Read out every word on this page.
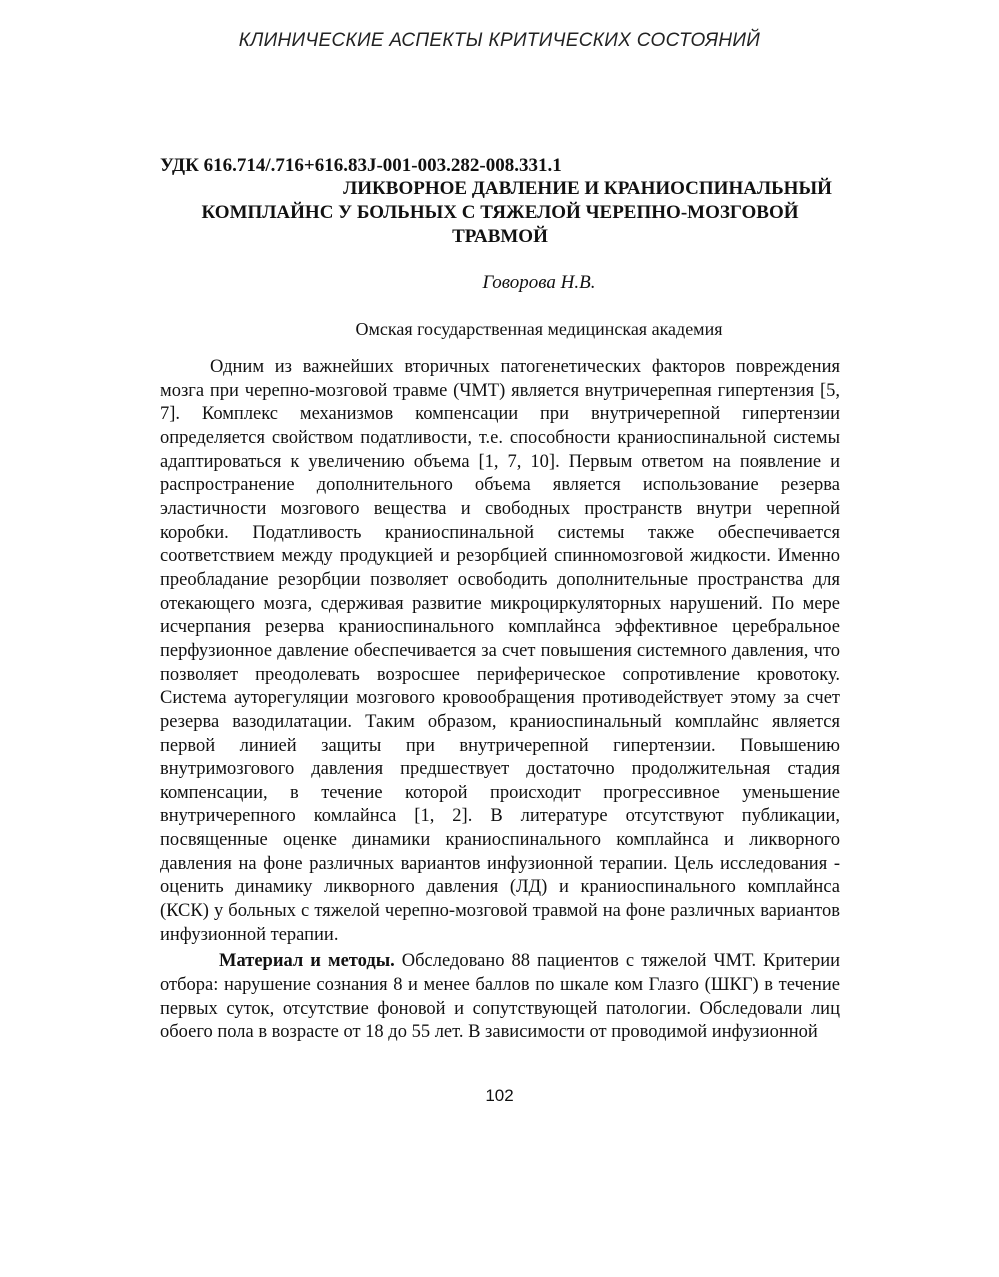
КЛИНИЧЕСКИЕ АСПЕКТЫ КРИТИЧЕСКИХ СОСТОЯНИЙ
УДК 616.714/.716+616.83J-001-003.282-008.331.1
ЛИКВОРНОЕ ДАВЛЕНИЕ И КРАНИОСПИНАЛЬНЫЙ
КОМПЛАЙНС У БОЛЬНЫХ С ТЯЖЕЛОЙ ЧЕРЕПНО-МОЗГОВОЙ
ТРАВМОЙ
Говорова Н.В.
Омская государственная медицинская академия

Одним из важнейших вторичных патогенетических факторов повреждения мозга при черепно-мозговой травме (ЧМТ) является внутричерепная гипертензия [5, 7]. Комплекс механизмов компенсации при внутричерепной гипертензии определяется свойством податливости, т.е. способности краниоспинальной системы адаптироваться к увеличению объема [1, 7, 10]. Первым ответом на появление и распространение дополнительного объема является использование резерва эластичности мозгового вещества и свободных пространств внутри черепной коробки. Податливость краниоспинальной системы также обеспечивается соответствием между продукцией и резорбцией спинномозговой жидкости. Именно преобладание резорбции позволяет освободить дополнительные пространства для отекающего мозга, сдерживая развитие микроциркуляторных нарушений. По мере исчерпания резерва краниоспинального комплайнса эффективное церебральное перфузионное давление обеспечивается за счет повышения системного давления, что позволяет преодолевать возросшее периферическое сопротивление кровотоку. Система ауторегуляции мозгового кровообращения противодействует этому за счет резерва вазодилатации. Таким образом, краниоспинальный комплайнс является первой линией защиты при внутричерепной гипертензии. Повышению внутримозгового давления предшествует достаточно продолжительная стадия компенсации, в течение которой происходит прогрессивное уменьшение внутричерепного комлайнса [1, 2]. В литературе отсутствуют публикации, посвященные оценке динамики краниоспинального комплайнса и ликворного давления на фоне различных вариантов инфузионной терапии. Цель исследования - оценить динамику ликворного давления (ЛД) и краниоспинального комплайнса (КСК) у больных с тяжелой черепно-мозговой травмой на фоне различных вариантов инфузионной терапии.

Материал и методы. Обследовано 88 пациентов с тяжелой ЧМТ. Критерии отбора: нарушение сознания 8 и менее баллов по шкале ком Глазго (ШКГ) в течение первых суток, отсутствие фоновой и сопутствующей патологии. Обследовали лиц обоего пола в возрасте от 18 до 55 лет. В зависимости от проводимой инфузионной

102
